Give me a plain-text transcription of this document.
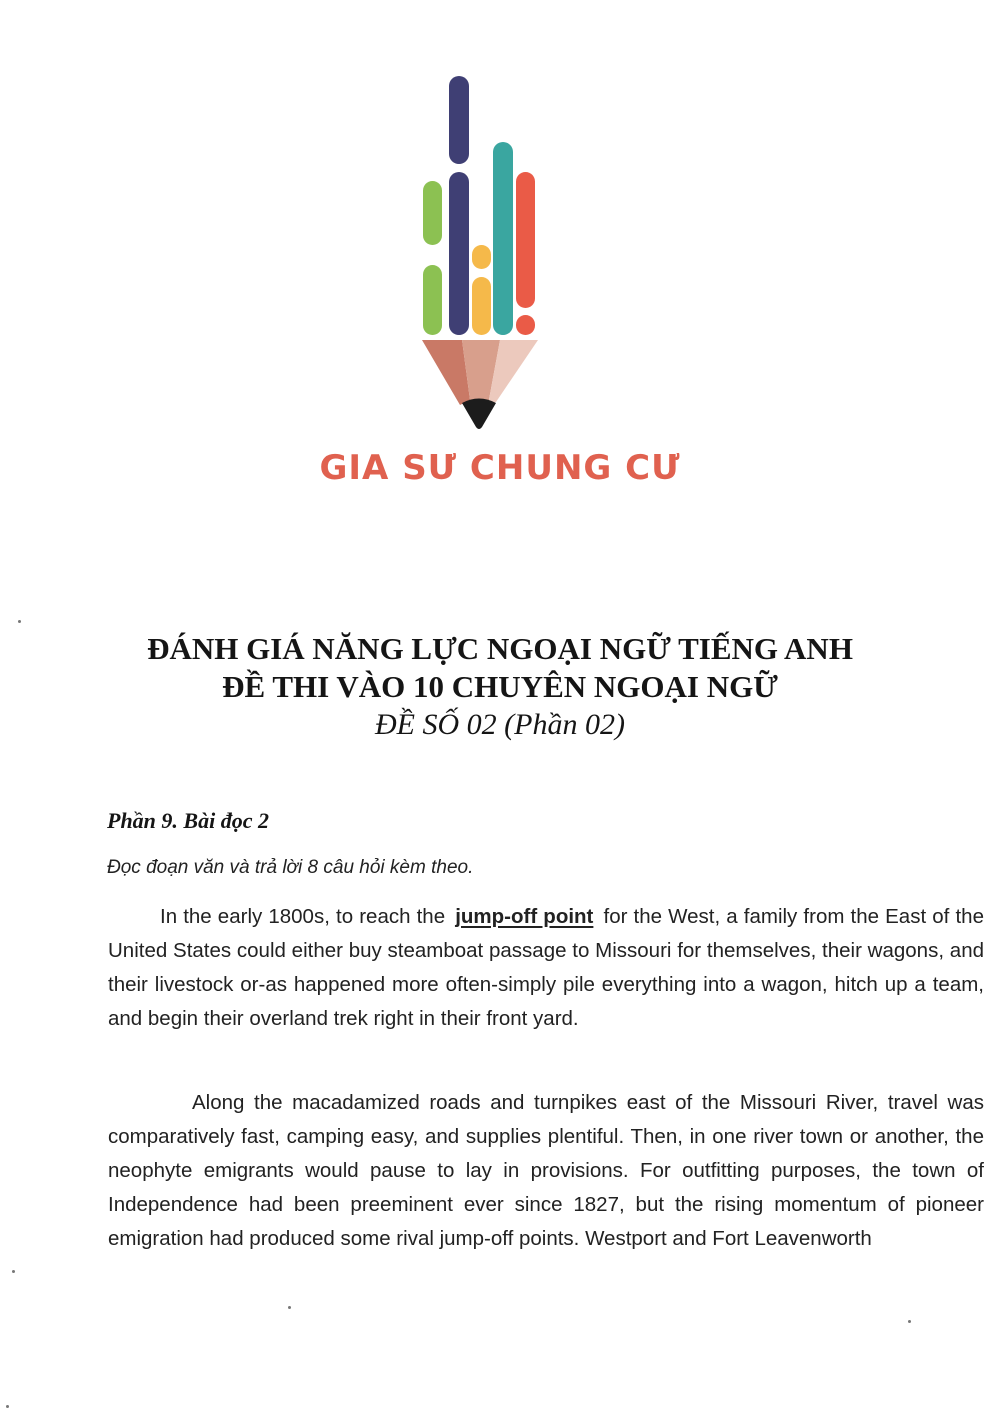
GIA SƯ CHUNG CƯ
ĐÁNH GIÁ NĂNG LỰC NGOẠI NGỮ TIẾNG ANH
ĐỀ THI VÀO 10 CHUYÊN NGOẠI NGỮ
ĐỀ SỐ 02 (Phần 02)
Phần 9. Bài đọc 2
Đọc đoạn văn và trả lời 8 câu hỏi kèm theo.

In the early 1800s, to reach the jump-off point for the West, a family from the East of the United States could either buy steamboat passage to Missouri for themselves, their wagons, and their livestock or-as happened more often-simply pile everything into a wagon, hitch up a team, and begin their overland trek right in their front yard.

Along the macadamized roads and turnpikes east of the Missouri River, travel was comparatively fast, camping easy, and supplies plentiful. Then, in one river town or another, the neophyte emigrants would pause to lay in provisions. For outfitting purposes, the town of Independence had been preeminent ever since 1827, but the rising momentum of pioneer emigration had produced some rival jump-off points. Westport and Fort Leavenworth
